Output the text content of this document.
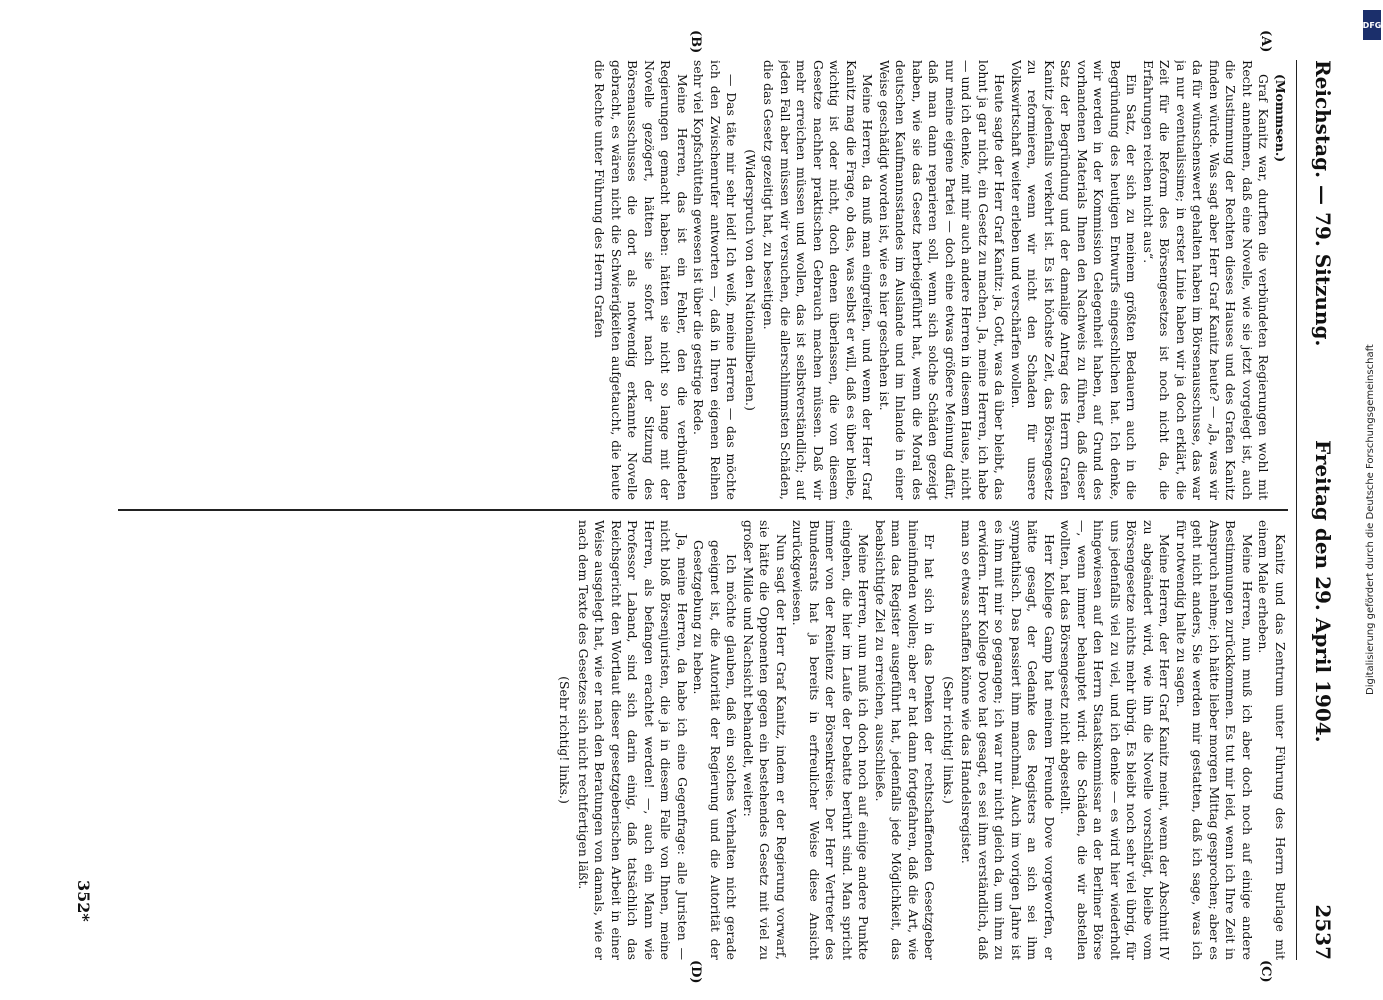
Reichstag. — 79. Sitzung.
Freitag den 29. April 1904.
2537
(A)
(B)
(C)
(D)

(Mommsen.)

Graf Kanitz war, durften die verbündeten Regierungen wohl mit Recht annehmen, daß eine Novelle, wie sie jetzt vorgelegt ist, auch die Zustimmung der Rechten dieses Hauses und des Grafen Kanitz finden würde. Was sagt aber Herr Graf Kanitz heute? — „Ja, was wir da für wünschenswert gehalten haben im Börsenausschusse, das war ja nur eventualissime; in erster Linie haben wir ja doch erklärt, die Zeit für die Reform des Börsengesetzes ist noch nicht da, die Erfahrungen reichen nicht aus“.

Ein Satz, der sich zu meinem größten Bedauern auch in die Begründung des heutigen Entwurfs eingeschlichen hat. Ich denke, wir werden in der Kommission Gelegenheit haben, auf Grund des vorhandenen Materials Ihnen den Nachweis zu führen, daß dieser Satz der Begründung und der damalige Antrag des Herrn Grafen Kanitz jedenfalls verkehrt ist. Es ist höchste Zeit, das Börsengesetz zu reformieren, wenn wir nicht den Schaden für unsere Volkswirtschaft weiter erleben und verschärfen wollen.

Heute sagte der Herr Graf Kanitz: ja, Gott, was da über bleibt, das lohnt ja gar nicht, ein Gesetz zu machen. Ja, meine Herren, ich habe — und ich denke, mit mir auch andere Herren in diesem Hause, nicht nur meine eigene Partei — doch eine etwas größere Meinung dafür, daß man dann reparieren soll, wenn sich solche Schäden gezeigt haben, wie sie das Gesetz herbeigeführt hat, wenn die Moral des deutschen Kaufmannsstandes im Auslande und im Inlande in einer Weise geschädigt worden ist, wie es hier geschehen ist.

Meine Herren, da muß man eingreifen, und wenn der Herr Graf Kanitz mag die Frage, ob das, was selbst er will, daß es über bleibe, wichtig ist oder nicht, doch denen überlassen, die von diesem Gesetze nachher praktischen Gebrauch machen müssen. Daß wir mehr erreichen müssen und wollen, das ist selbstverständlich; auf jeden Fall aber müssen wir versuchen, die allerschlimmsten Schäden, die das Gesetz gezeitigt hat, zu beseitigen.

(Widerspruch von den Nationalliberalen.)

— Das täte mir sehr leid! Ich weiß, meine Herren — das möchte ich den Zwischenrufer antworten —, daß in Ihren eigenen Reihen sehr viel Kopfschütteln gewesen ist über die gestrige Rede.

Meine Herren, das ist ein Fehler, den die verbündeten Regierungen gemacht haben: hätten sie nicht so lange mit der Novelle gezögert, hätten sie sofort nach der Sitzung des Börsenausschusses die dort als notwendig erkannte Novelle gebracht, es wären nicht die Schwierigkeiten aufgetaucht, die heute die Rechte unter Führung des Herrn Grafen

Kanitz und das Zentrum unter Führung des Herrn Burlage mit einem Male erheben.

Meine Herren, nun muß ich aber doch noch auf einige andere Bestimmungen zurückkommen. Es tut mir leid, wenn ich Ihre Zeit in Anspruch nehme; ich hätte lieber morgen Mittag gesprochen; aber es geht nicht anders, Sie werden mir gestatten, daß ich sage, was ich für notwendig halte zu sagen.

Meine Herren, der Herr Graf Kanitz meint, wenn der Abschnitt IV zu abgeändert wird, wie ihn die Novelle vorschlägt, bleibe vom Börsengesetze nichts mehr übrig. Es bleibt noch sehr viel übrig, für uns jedenfalls viel zu viel, und ich denke — es wird hier wiederholt hingewiesen auf den Herrn Staatskommissar an der Berliner Börse —, wenn immer behauptet wird: die Schäden, die wir abstellen wollten, hat das Börsengesetz nicht abgestellt.

Herr Kollege Gamp hat meinem Freunde Dove vorgeworfen, er hätte gesagt, der Gedanke des Registers an sich sei ihm sympathisch. Das passiert ihm manchmal. Auch im vorigen Jahre ist es ihm mit mir so gegangen; ich war nur nicht gleich da, um ihm zu erwidern. Herr Kollege Dove hat gesagt, es sei ihm verständlich, daß man so etwas schaffen könne wie das Handelsregister.

(Sehr richtig! links.)

Er hat sich in das Denken der rechtschaffenden Gesetzgeber hineinfinden wollen; aber er hat dann fortgefahren, daß die Art, wie man das Register ausgeführt hat, jedenfalls jede Möglichkeit, das beabsichtigte Ziel zu erreichen, ausschließe.

Meine Herren, nun muß ich doch noch auf einige andere Punkte eingehen, die hier im Laufe der Debatte berührt sind. Man spricht immer von der Renitenz der Börsenkreise. Der Herr Vertreter des Bundesrats hat ja bereits in erfreulicher Weise diese Ansicht zurückgewiesen.

Nun sagt der Herr Graf Kanitz, indem er der Regierung vorwarf, sie hätte die Opponenten gegen ein bestehendes Gesetz mit viel zu großer Milde und Nachsicht behandelt, weiter:

Ich möchte glauben, daß ein solches Verhalten nicht gerade geeignet ist, die Autorität der Regierung und die Autorität der Gesetzgebung zu heben.

Ja, meine Herren, da habe ich eine Gegenfrage: alle Juristen — nicht bloß Börsenjuristen, die ja in diesem Falle von Ihnen, meine Herren, als befangen erachtet werden! —, auch ein Mann wie Professor Laband, sind sich darin einig, daß tatsächlich das Reichsgericht den Wortlaut dieser gesetzgeberischen Arbeit in einer Weise ausgelegt hat, wie er nach den Beratungen von damals, wie er nach dem Texte des Gesetzes sich nicht rechtfertigen läßt.

(Sehr richtig! links.)

352*
Digitalisierung gefördert durch die Deutsche Forschungsgemeinschaft
DFG
